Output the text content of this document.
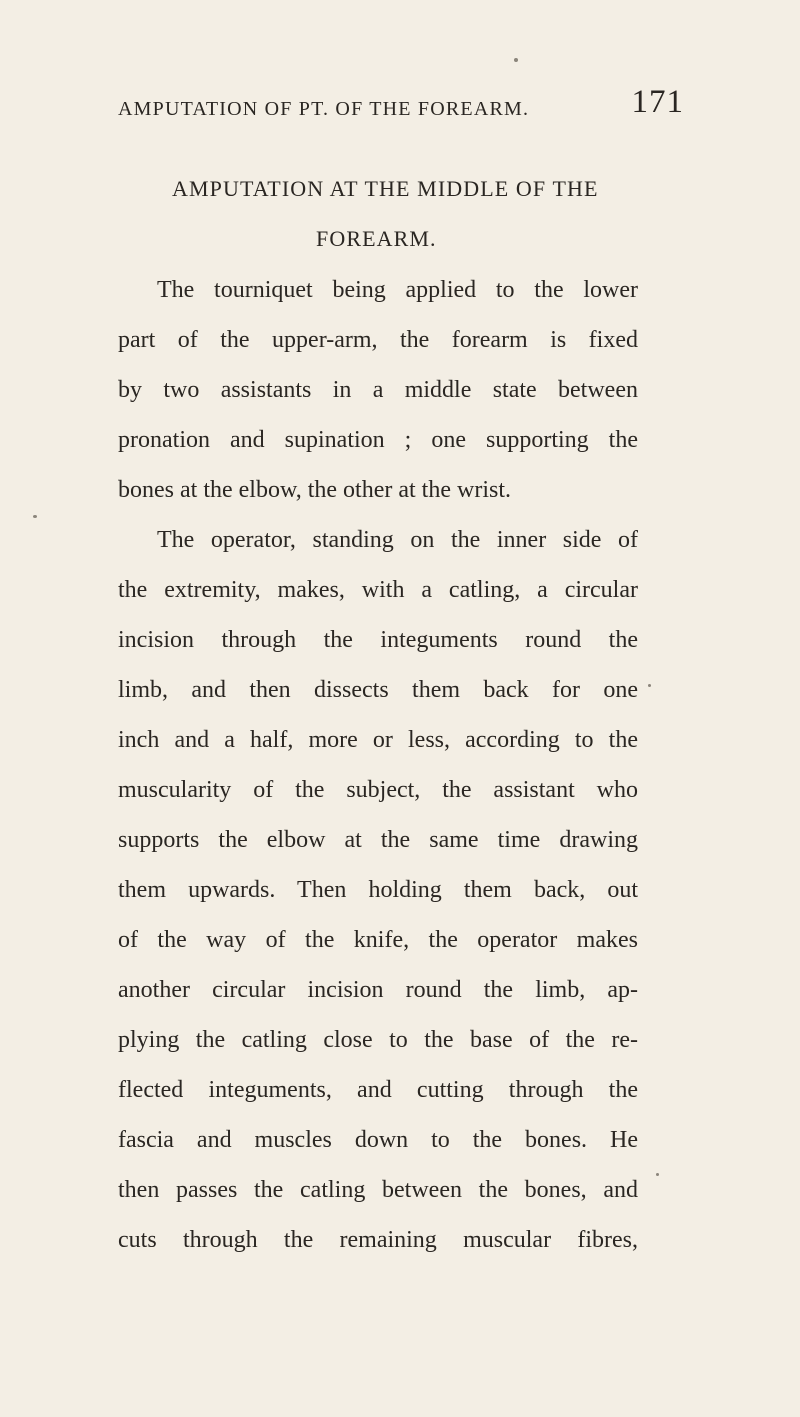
AMPUTATION OF PT. OF THE FOREARM.	171
AMPUTATION AT THE MIDDLE OF THE
FOREARM.
The tourniquet being applied to the lower
part of the upper-arm, the forearm is fixed
by two assistants in a middle state between
pronation and supination ; one supporting the
bones at the elbow, the other at the wrist.
The operator, standing on the inner side of
the extremity, makes, with a catling, a circular
incision through the integuments round the
limb, and then dissects them back for one
inch and a half, more or less, according to the
muscularity of the subject, the assistant who
supports the elbow at the same time drawing
them upwards. Then holding them back, out
of the way of the knife, the operator makes
another circular incision round the limb, ap-
plying the catling close to the base of the re-
flected integuments, and cutting through the
fascia and muscles down to the bones. He
then passes the catling between the bones, and
cuts through the remaining muscular fibres,
